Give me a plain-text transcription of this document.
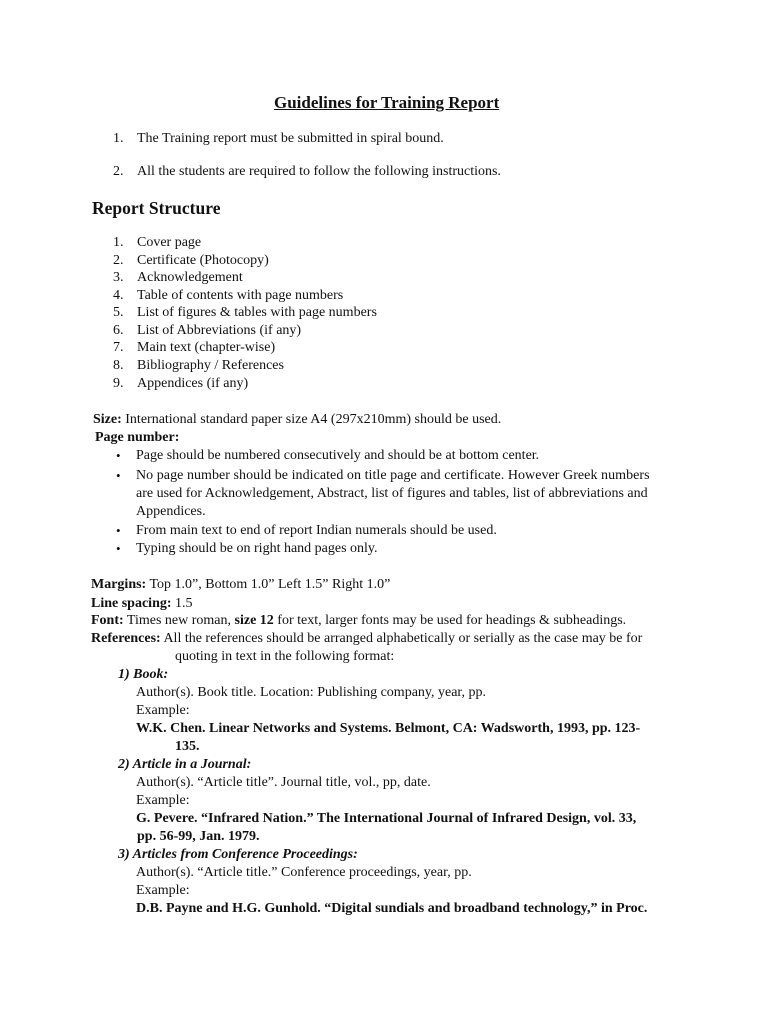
Guidelines for Training Report
1. The Training report must be submitted in spiral bound.
2. All the students are required to follow the following instructions.
Report Structure
1. Cover page
2. Certificate (Photocopy)
3. Acknowledgement
4. Table of contents with page numbers
5. List of figures & tables with page numbers
6. List of Abbreviations (if any)
7. Main text (chapter-wise)
8. Bibliography / References
9. Appendices (if any)
Size: International standard paper size A4 (297x210mm) should be used.
Page number:
• Page should be numbered consecutively and should be at bottom center.
• No page number should be indicated on title page and certificate. However Greek numbers
are used for Acknowledgement, Abstract, list of figures and tables, list of abbreviations and
Appendices.
• From main text to end of report Indian numerals should be used.
• Typing should be on right hand pages only.
Margins: Top 1.0”, Bottom 1.0” Left 1.5” Right 1.0”
Line spacing: 1.5
Font: Times new roman, size 12 for text, larger fonts may be used for headings & subheadings.
References: All the references should be arranged alphabetically or serially as the case may be for
quoting in text in the following format:
1) Book:
Author(s). Book title. Location: Publishing company, year, pp.
Example:
W.K. Chen. Linear Networks and Systems. Belmont, CA: Wadsworth, 1993, pp. 123-
135.
2) Article in a Journal:
Author(s). “Article title”. Journal title, vol., pp, date.
Example:
G. Pevere. “Infrared Nation.” The International Journal of Infrared Design, vol. 33,
pp. 56-99, Jan. 1979.
3) Articles from Conference Proceedings:
Author(s). “Article title.” Conference proceedings, year, pp.
Example:
D.B. Payne and H.G. Gunhold. “Digital sundials and broadband technology,” in Proc.
